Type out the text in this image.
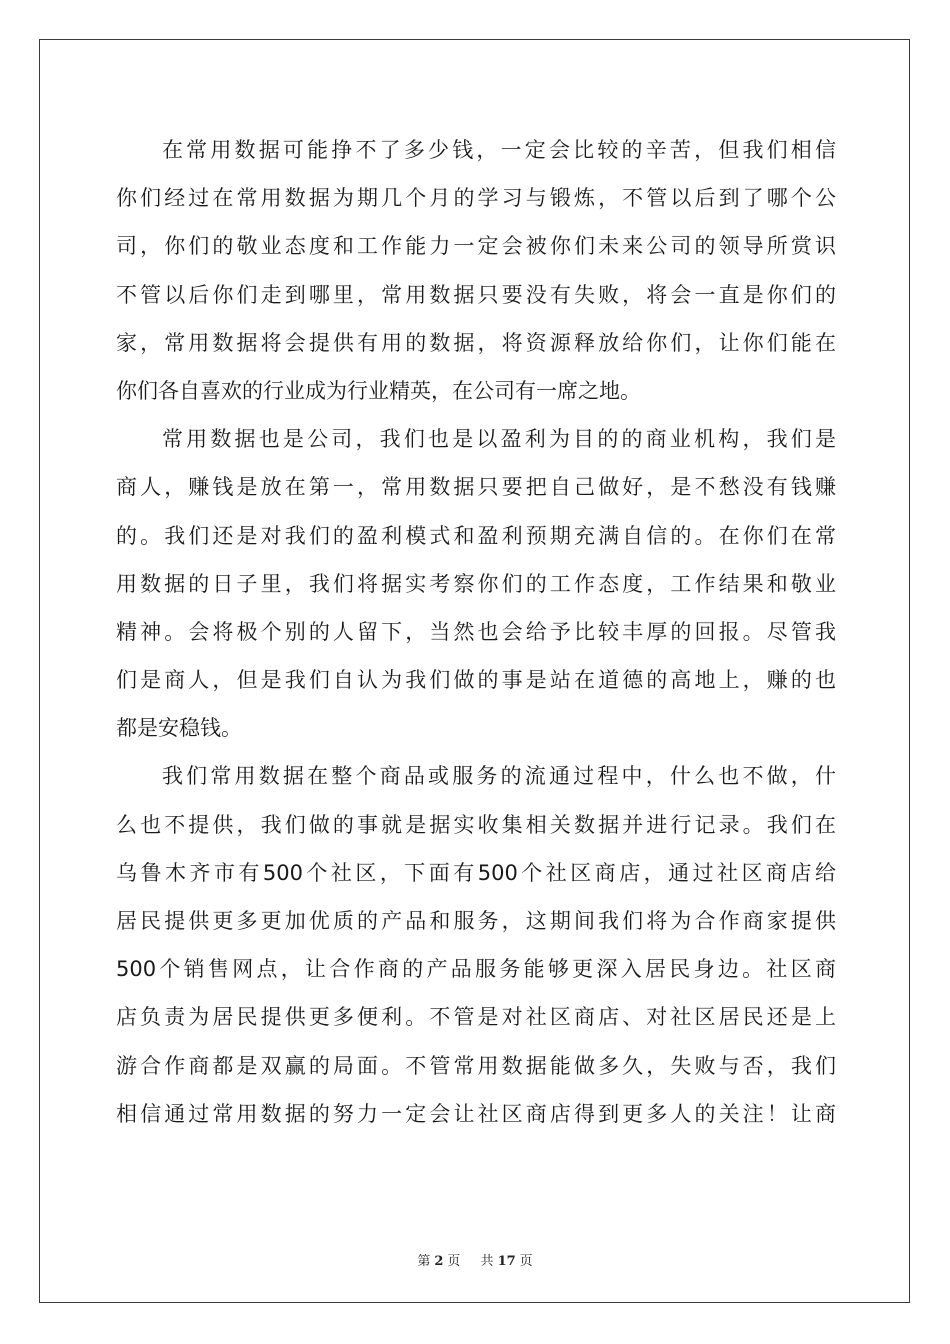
在常用数据可能挣不了多少钱，一定会比较的辛苦，但我们相信
你们经过在常用数据为期几个月的学习与锻炼，不管以后到了哪个公
司，你们的敬业态度和工作能力一定会被你们未来公司的领导所赏识
不管以后你们走到哪里，常用数据只要没有失败，将会一直是你们的
家，常用数据将会提供有用的数据，将资源释放给你们，让你们能在
你们各自喜欢的行业成为行业精英，在公司有一席之地。
常用数据也是公司，我们也是以盈利为目的的商业机构，我们是
商人，赚钱是放在第一，常用数据只要把自己做好，是不愁没有钱赚
的。我们还是对我们的盈利模式和盈利预期充满自信的。在你们在常
用数据的日子里，我们将据实考察你们的工作态度，工作结果和敬业
精神。会将极个别的人留下，当然也会给予比较丰厚的回报。尽管我
们是商人，但是我们自认为我们做的事是站在道德的高地上，赚的也
都是安稳钱。
我们常用数据在整个商品或服务的流通过程中，什么也不做，什
么也不提供，我们做的事就是据实收集相关数据并进行记录。我们在
乌鲁木齐市有500个社区，下面有500个社区商店，通过社区商店给
居民提供更多更加优质的产品和服务，这期间我们将为合作商家提供
500个销售网点，让合作商的产品服务能够更深入居民身边。社区商
店负责为居民提供更多便利。不管是对社区商店、对社区居民还是上
游合作商都是双赢的局面。不管常用数据能做多久，失败与否，我们
相信通过常用数据的努力一定会让社区商店得到更多人的关注！让商
第 2 页 共 17 页
